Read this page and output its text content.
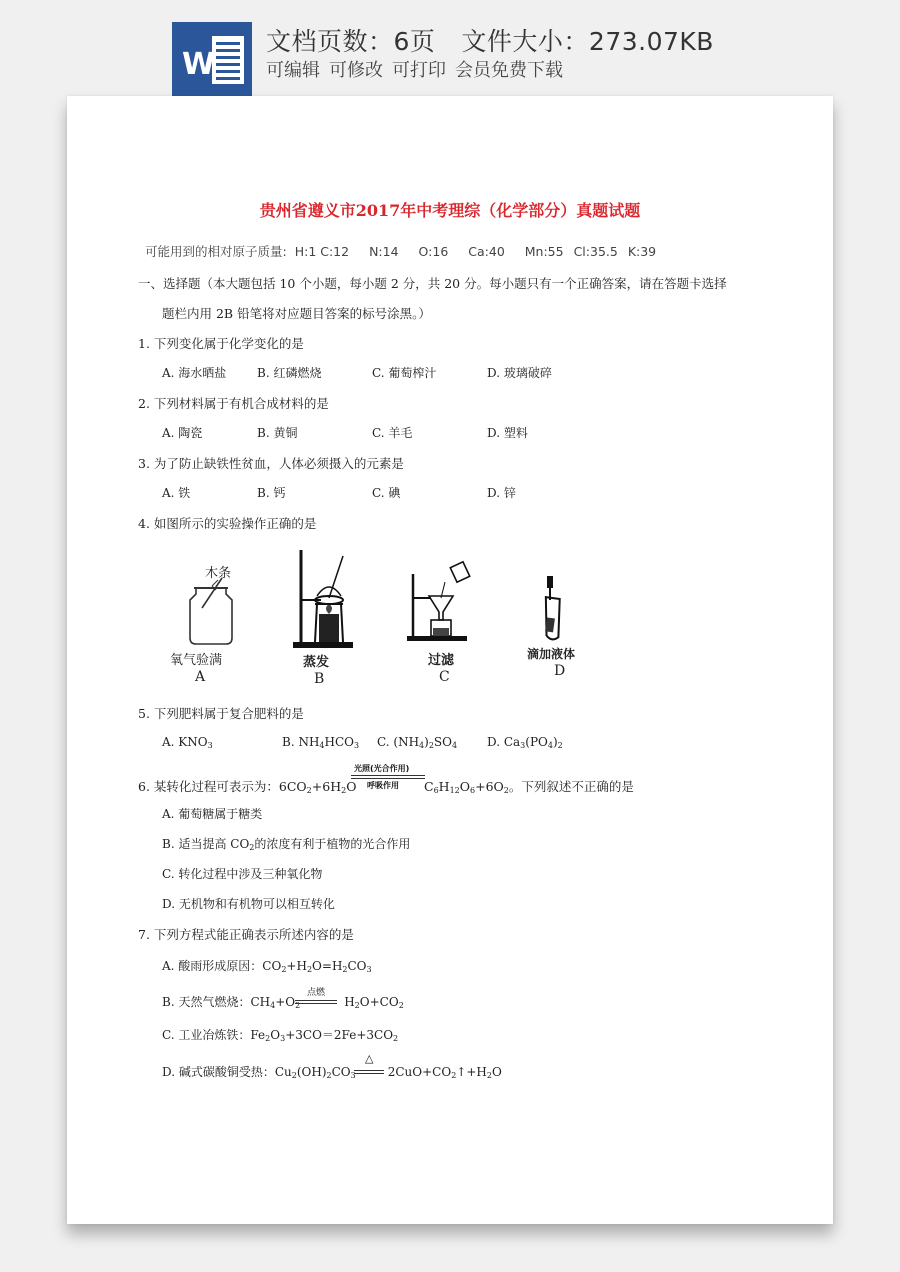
W
文档页数：6页 文件大小：273.07KB
可编辑 可修改 可打印 会员免费下载
贵州省遵义市2017年中考理综（化学部分）真题试题
可能用到的相对原子质量: H:1 C:12 N:14 O:16 Ca:40 Mn:55 Cl:35.5 K:39
一、选择题（本大题包括 10 个小题，每小题 2 分，共 20 分。每小题只有一个正确答案，请在答题卡选择
题栏内用 2B 铅笔将对应题目答案的标号涂黑。）
1. 下列变化属于化学变化的是
A. 海水晒盐	B. 红磷燃烧	C. 葡萄榨汁	D. 玻璃破碎
2. 下列材料属于有机合成材料的是
A. 陶瓷	B. 黄铜	C. 羊毛	D. 塑料
3. 为了防止缺铁性贫血，人体必须摄入的元素是
A. 铁	B. 钙	C. 碘	D. 锌
4. 如图所示的实验操作正确的是
木条
氧气验满
A
蒸发
B
过滤
C
滴加液体
D
5. 下列肥料属于复合肥料的是
A. $KNO_3$	B. $NH_4HCO_3$ C. $(NH_4)_2SO_4$ D. $Ca_3(PO_4)_2$
6. 某转化过程可表示为：$6CO_2+6H_2O$
光照(光合作用)
呼吸作用 $C_6H_{12}O_6+6O_2$。下列叙述不正确的是
A. 葡萄糖属于糖类
B. 适当提高 $CO_2$的浓度有利于植物的光合作用
C. 转化过程中涉及三种氧化物
D. 无机物和有机物可以相互转化
7. 下列方程式能正确表示所述内容的是
A. 酸雨形成原因：$CO_2+H_2O=H_2CO_3$
B. 天然气燃烧：$CH_4+O_2$	$H_2O+CO_2$
点燃
C. 工业冶炼铁：$Fe_2O_3+3CO=2Fe+3CO_2$
D. 碱式碳酸铜受热：$Cu_2(OH)_2CO_3$	$2CuO+CO_2↑+H_2O$
△
